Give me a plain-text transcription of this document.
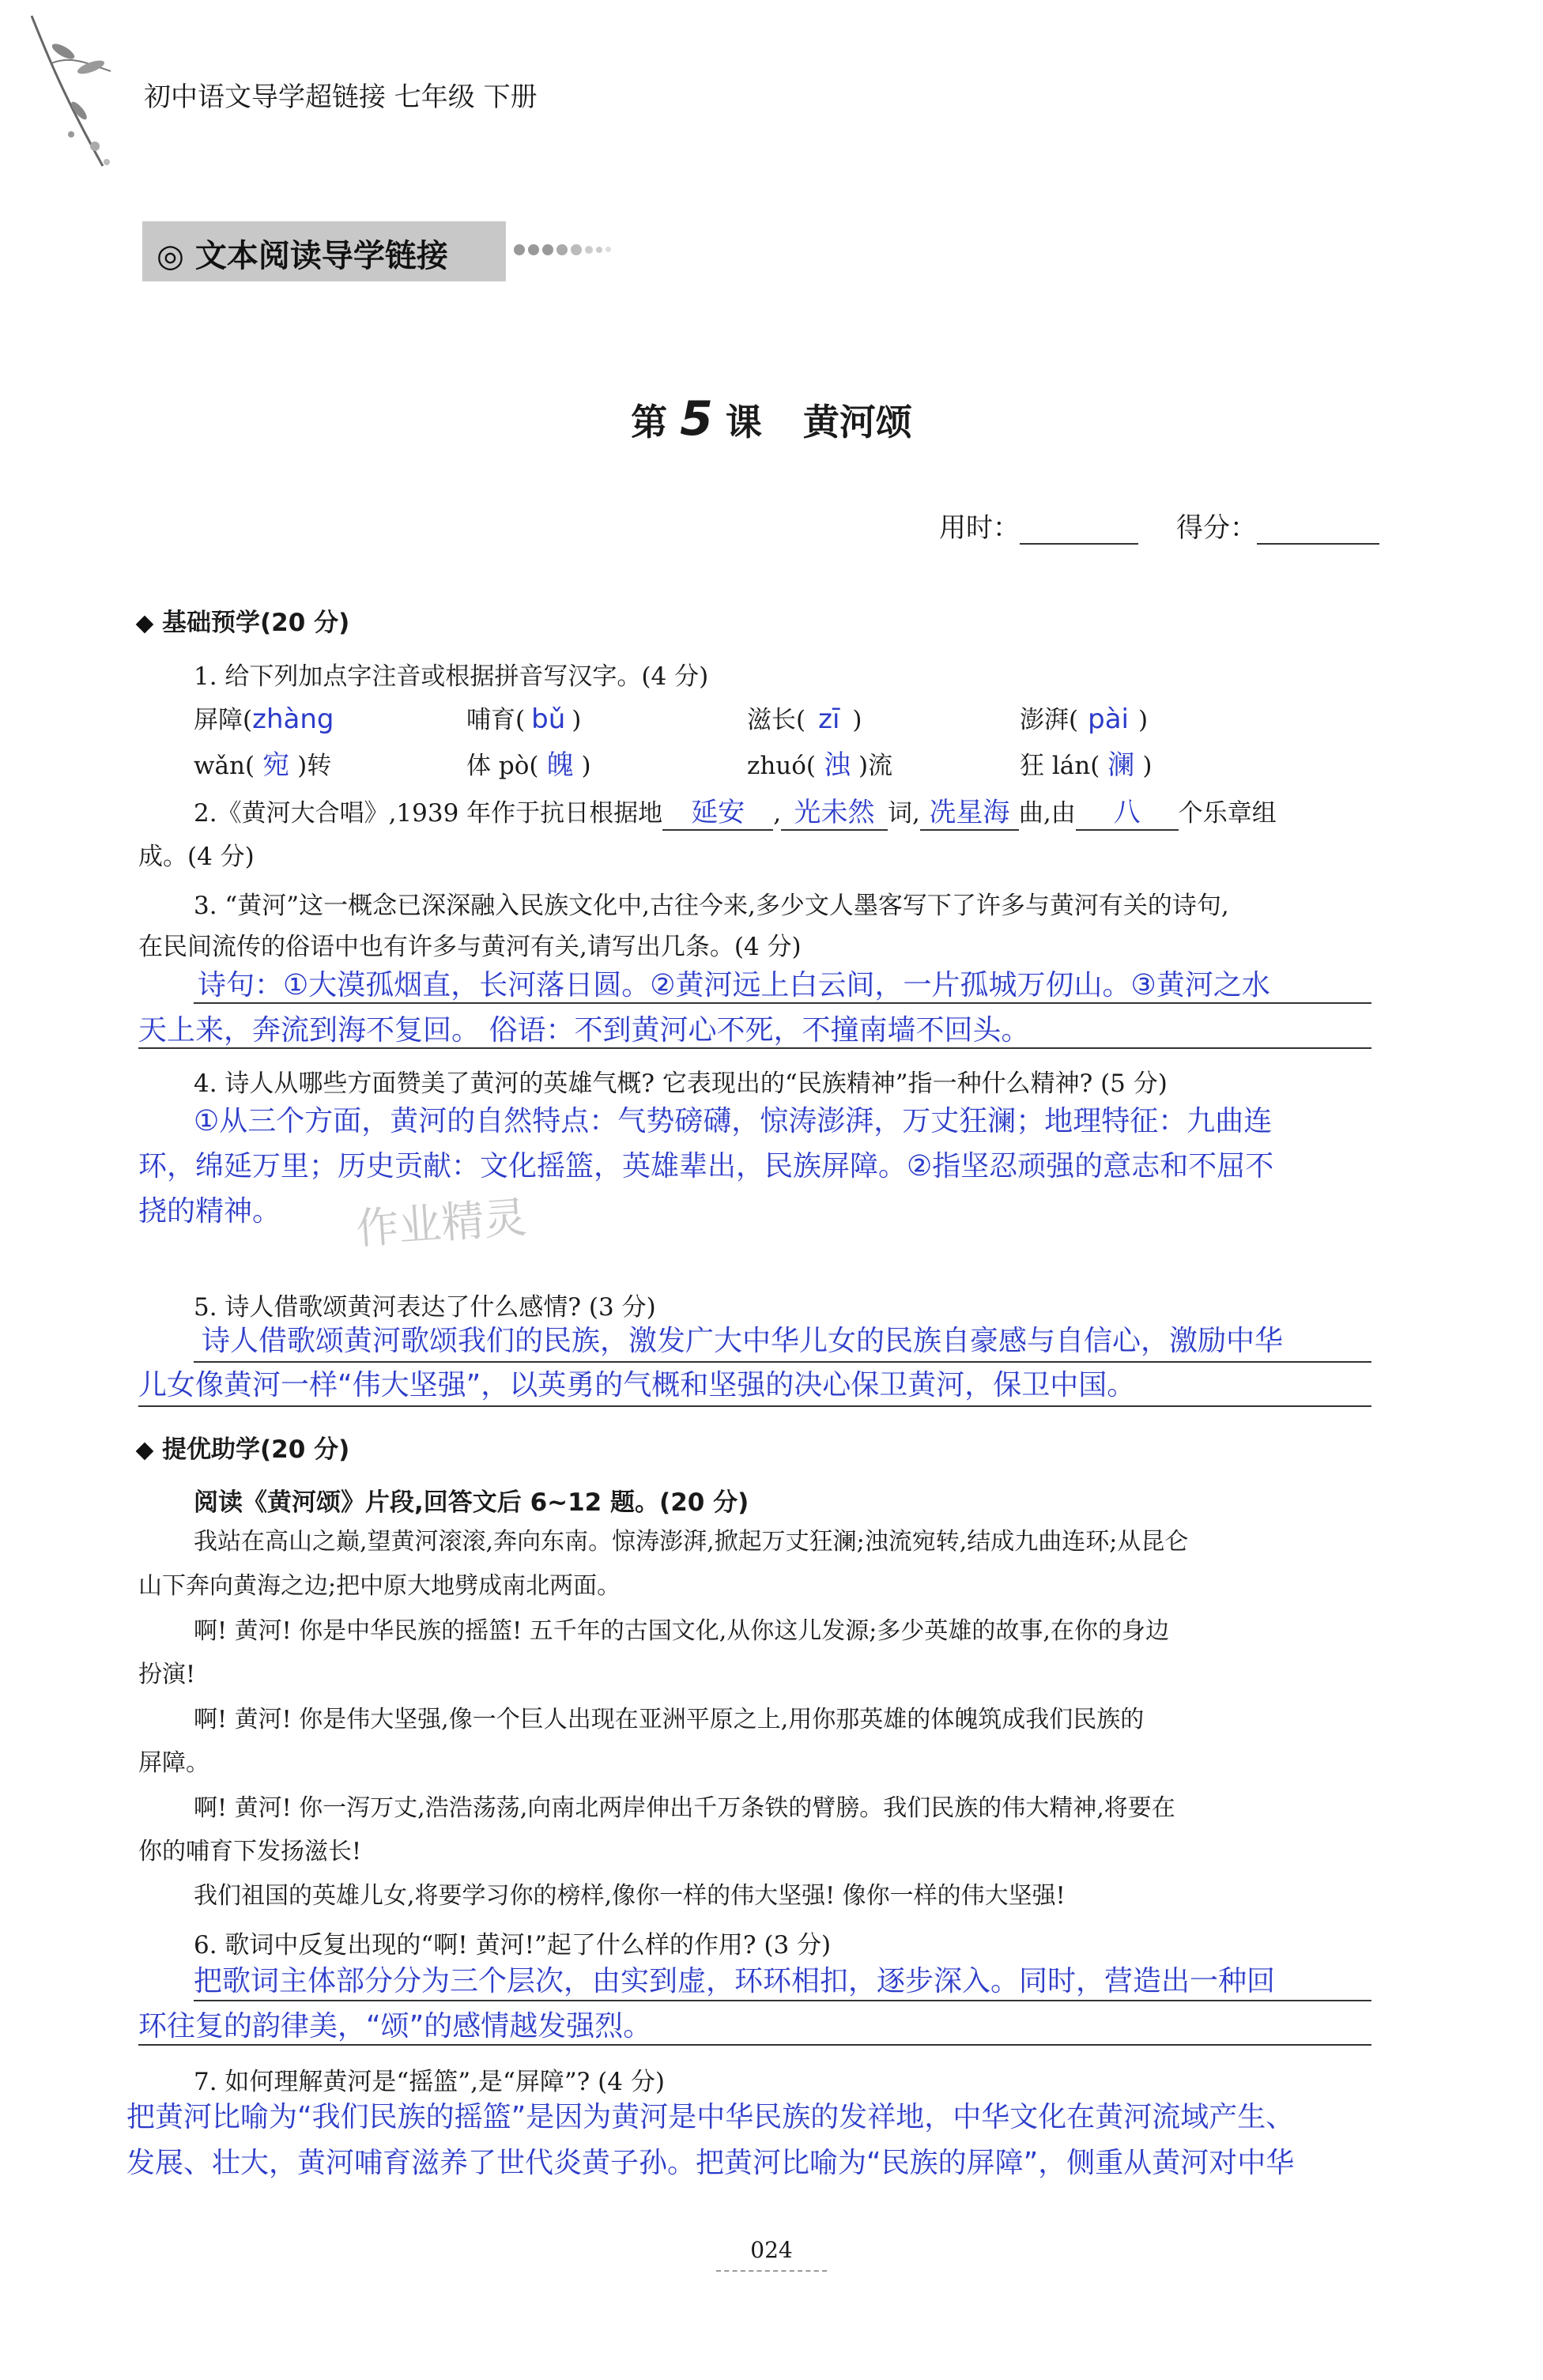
初中语文导学超链接 七年级 下册
◎ 文本阅读导学链接
第 5 课 黄河颂
用时：	得分：
基础预学(20 分)
1. 给下列加点字注音或根据拼音写汉字。(4 分)
屏障(zhàng	哺育( bǔ )	滋长( zī )	澎湃( pài )
wǎn( 宛 )转	体 pò( 魄 )	zhuó( 浊 )流	狂 lán( 澜 )
2.《黄河大合唱》,1939 年作于抗日根据地 延安 , 光未然 词, 冼星海 曲,由 八 个乐章组
成。(4 分)
3. “黄河”这一概念已深深融入民族文化中,古往今来,多少文人墨客写下了许多与黄河有关的诗句,
在民间流传的俗语中也有许多与黄河有关,请写出几条。(4 分)
诗句：①大漠孤烟直，长河落日圆。②黄河远上白云间，一片孤城万仞山。③黄河之水
天上来，奔流到海不复回。 俗语：不到黄河心不死，不撞南墙不回头。
4. 诗人从哪些方面赞美了黄河的英雄气概? 它表现出的“民族精神”指一种什么精神? (5 分)
①从三个方面，黄河的自然特点：气势磅礴，惊涛澎湃，万丈狂澜；地理特征：九曲连
环，绵延万里；历史贡献：文化摇篮，英雄辈出，民族屏障。②指坚忍顽强的意志和不屈不
挠的精神。 作业精灵
5. 诗人借歌颂黄河表达了什么感情? (3 分)
诗人借歌颂黄河歌颂我们的民族，激发广大中华儿女的民族自豪感与自信心，激励中华
儿女像黄河一样“伟大坚强”，以英勇的气概和坚强的决心保卫黄河，保卫中国。
提优助学(20 分)
阅读《黄河颂》片段,回答文后 6~12 题。(20 分)
我站在高山之巅,望黄河滚滚,奔向东南。惊涛澎湃,掀起万丈狂澜;浊流宛转,结成九曲连环;从昆仑
山下奔向黄海之边;把中原大地劈成南北两面。
啊! 黄河! 你是中华民族的摇篮! 五千年的古国文化,从你这儿发源;多少英雄的故事,在你的身边
扮演!
啊! 黄河! 你是伟大坚强,像一个巨人出现在亚洲平原之上,用你那英雄的体魄筑成我们民族的
屏障。
啊! 黄河! 你一泻万丈,浩浩荡荡,向南北两岸伸出千万条铁的臂膀。我们民族的伟大精神,将要在
你的哺育下发扬滋长!
我们祖国的英雄儿女,将要学习你的榜样,像你一样的伟大坚强! 像你一样的伟大坚强!
6. 歌词中反复出现的“啊! 黄河!”起了什么样的作用? (3 分)
把歌词主体部分分为三个层次，由实到虚，环环相扣，逐步深入。同时，营造出一种回
环往复的韵律美，“颂”的感情越发强烈。
7. 如何理解黄河是“摇篮”,是“屏障”? (4 分)
把黄河比喻为“我们民族的摇篮”是因为黄河是中华民族的发祥地，中华文化在黄河流域产生、
发展、壮大，黄河哺育滋养了世代炎黄子孙。把黄河比喻为“民族的屏障”，侧重从黄河对中华
024
